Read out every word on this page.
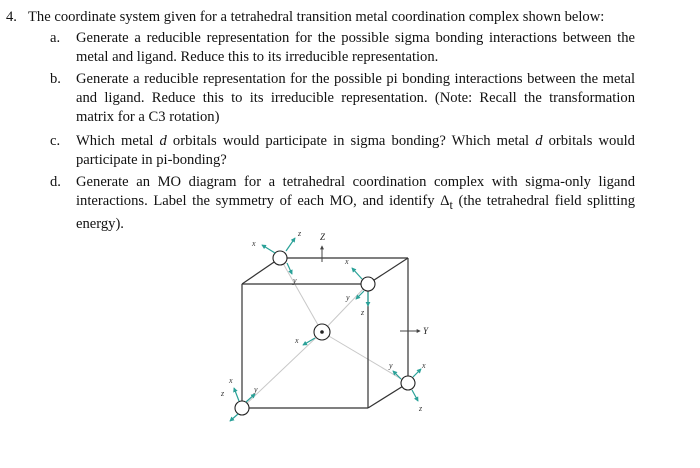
4. The coordinate system given for a tetrahedral transition metal coordination complex shown below:
a.	Generate a reducible representation for the possible sigma bonding interactions between the metal and ligand. Reduce this to its irreducible representation.
b.	Generate a reducible representation for the possible pi bonding interactions between the metal and ligand. Reduce this to its irreducible representation. (Note: Recall the transformation matrix for a C3 rotation)
c.	Which metal d orbitals would participate in sigma bonding? Which metal d orbitals would participate in pi-bonding?
d.	Generate an MO diagram for a tetrahedral coordination complex with sigma-only ligand interactions. Label the symmetry of each MO, and identify $\Delta_t$ (the tetrahedral field splitting energy).
Z
Y
x
z
y
x
y
z
x
x
y
z
x
y
z
